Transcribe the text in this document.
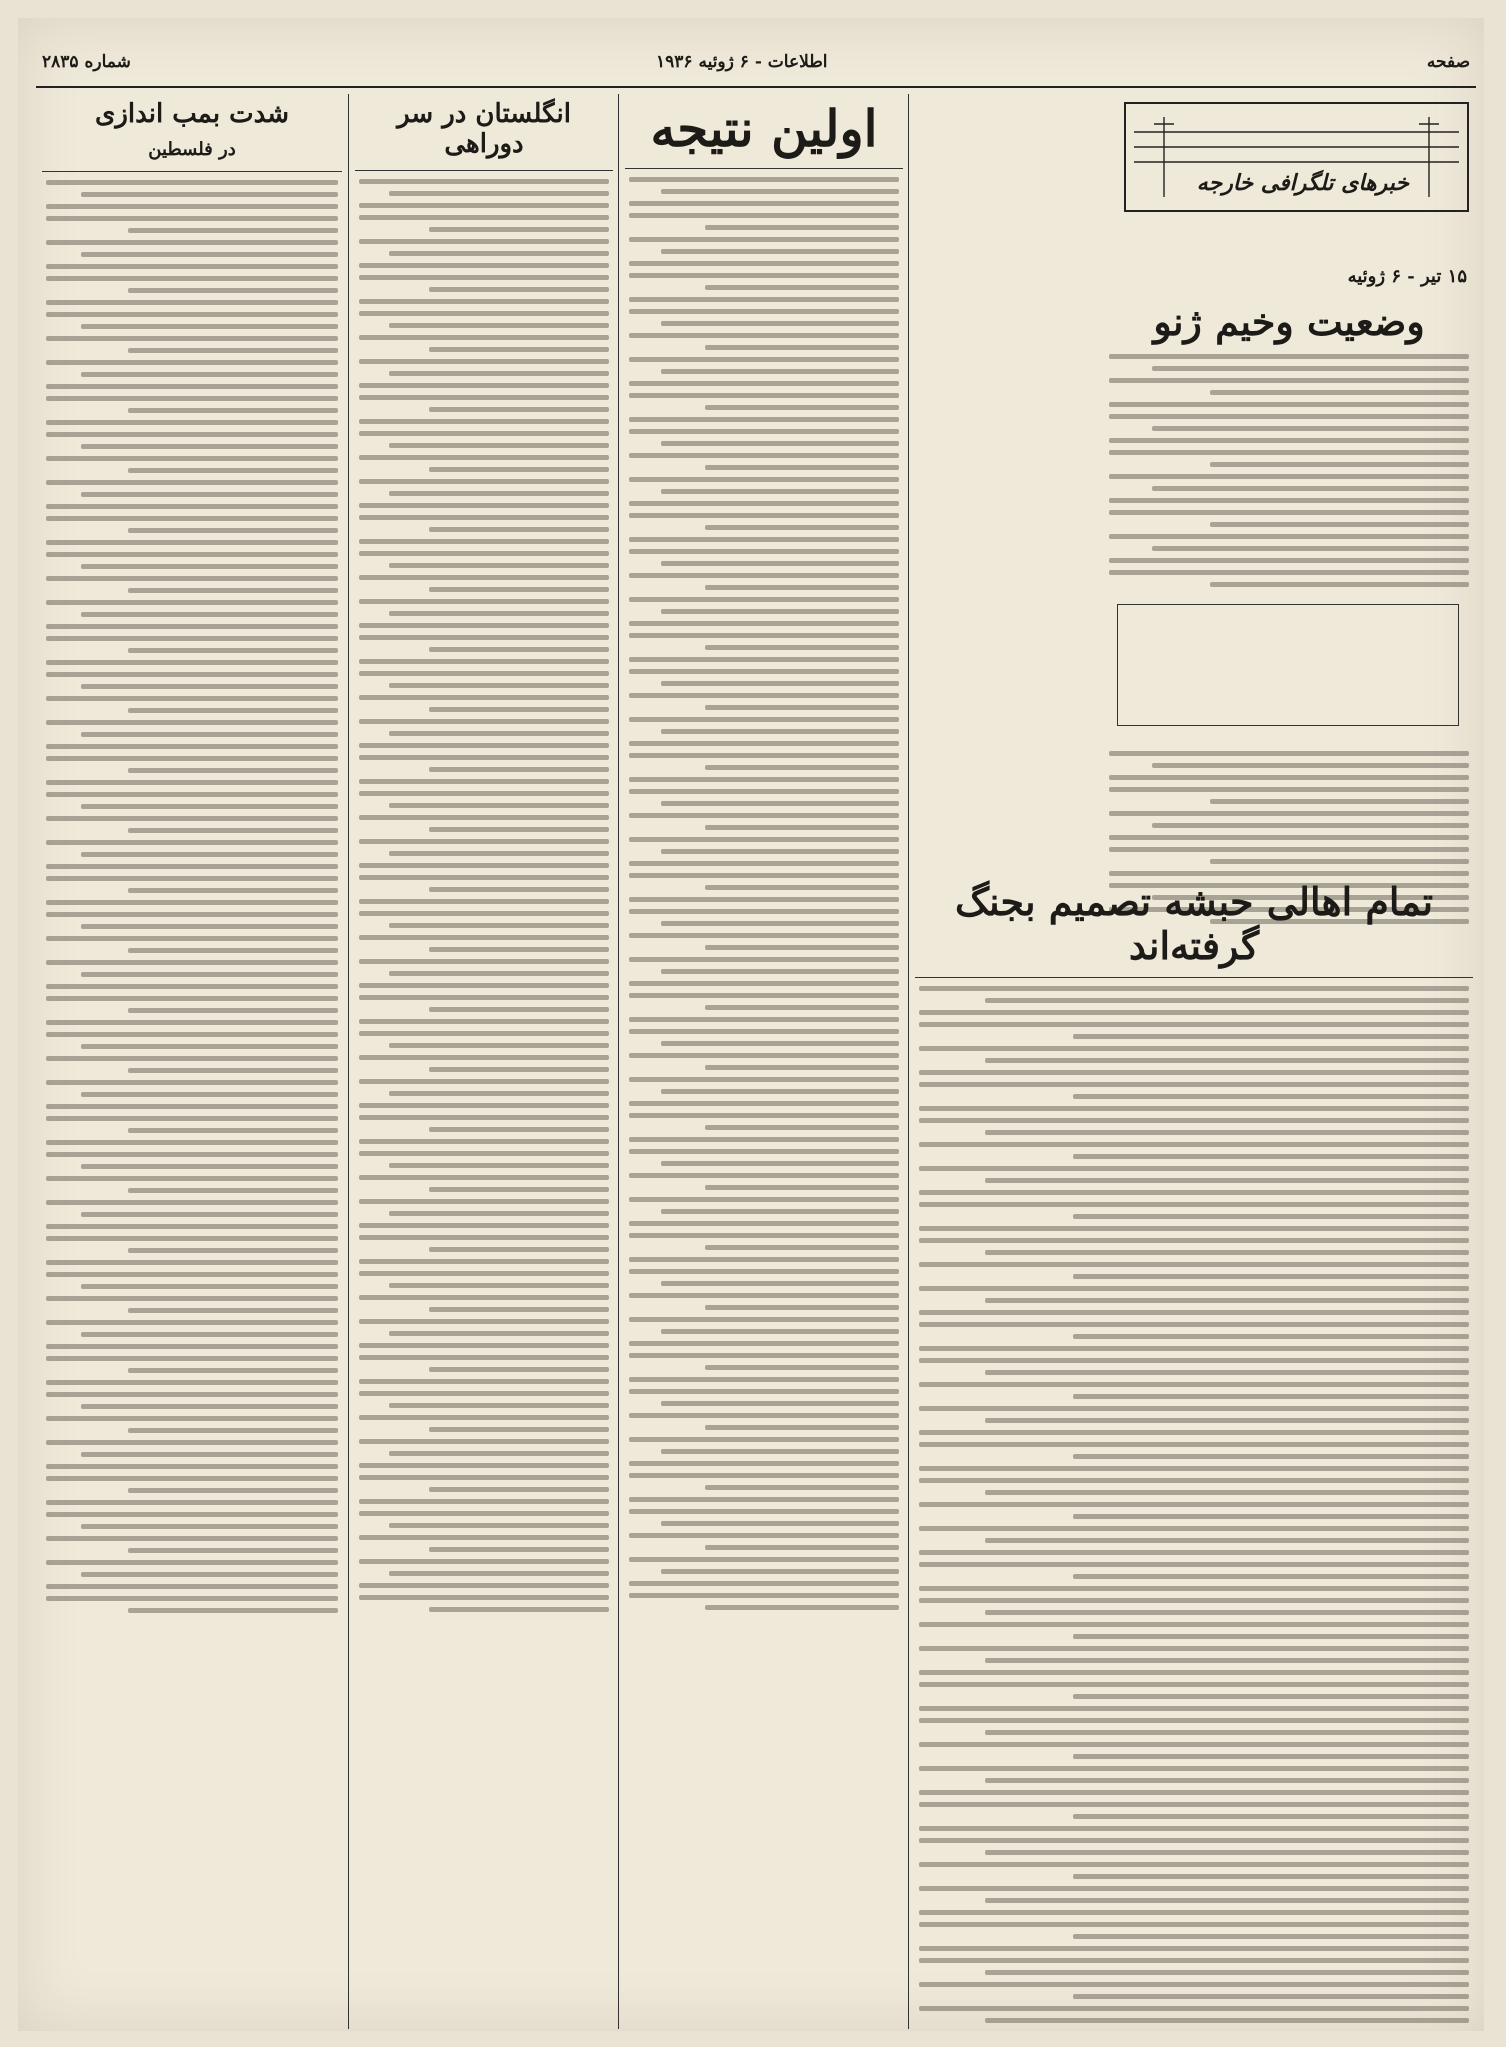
صفحه
اطلاعات - ۶ ژوئیه ۱۹۳۶
شماره ۲۸۳۵
خبرهای تلگرافی خارجه
۱۵ تیر - ۶ ژوئیه
وضعیت وخیم ژنو
تمام اهالی حبشه تصمیم بجنگ گرفته‌اند
اولین نتیجه
انگلستان در سر دوراهی
شدت بمب اندازی
در فلسطین
